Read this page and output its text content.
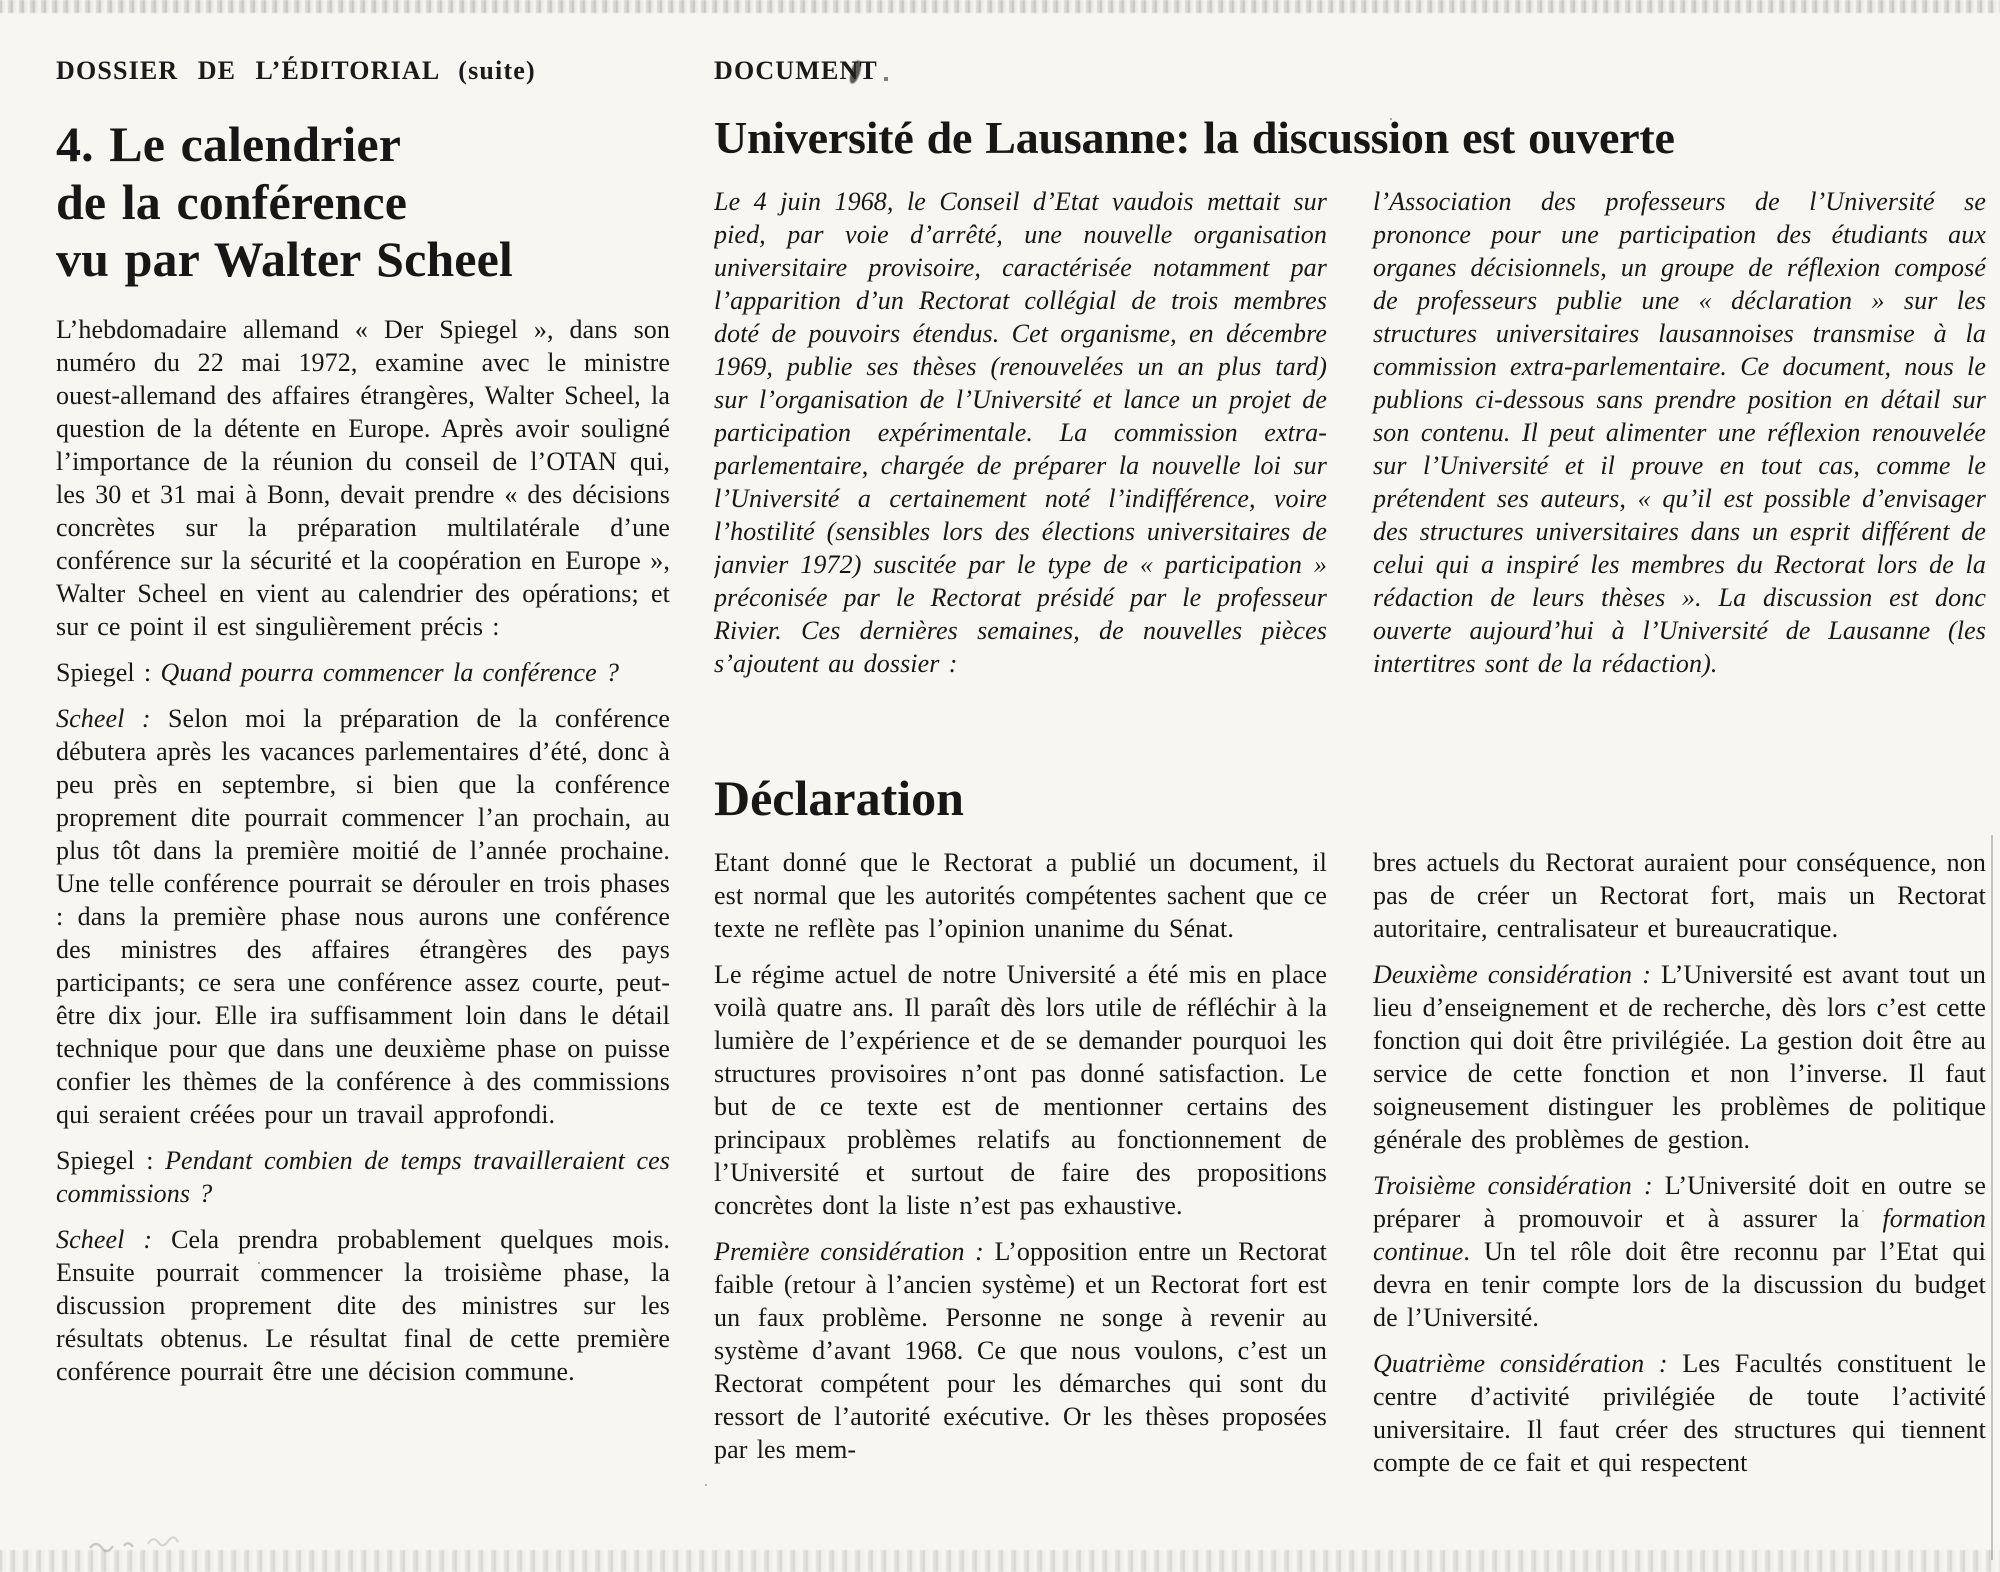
DOSSIER DE L’ÉDITORIAL (suite)
4. Le calendrier
de la conférence
vu par Walter Scheel

L’hebdomadaire allemand « Der Spiegel », dans son numéro du 22 mai 1972, examine avec le ministre ouest-allemand des affaires étrangères, Walter Scheel, la question de la détente en Europe. Après avoir souligné l’importance de la réunion du conseil de l’OTAN qui, les 30 et 31 mai à Bonn, devait prendre « des décisions concrètes sur la préparation multilatérale d’une conférence sur la sécurité et la coopération en Europe », Walter Scheel en vient au calendrier des opérations; et sur ce point il est singulièrement précis :

Spiegel : Quand pourra commencer la conférence ?

Scheel : Selon moi la préparation de la conférence débutera après les vacances parlementaires d’été, donc à peu près en septembre, si bien que la conférence proprement dite pourrait commencer l’an prochain, au plus tôt dans la première moitié de l’année prochaine. Une telle conférence pourrait se dérouler en trois phases : dans la première phase nous aurons une conférence des ministres des affaires étrangères des pays participants; ce sera une conférence assez courte, peut-être dix jour. Elle ira suffisamment loin dans le détail technique pour que dans une deuxième phase on puisse confier les thèmes de la conférence à des commissions qui seraient créées pour un travail approfondi.

Spiegel : Pendant combien de temps travailleraient ces commissions ?

Scheel : Cela prendra probablement quelques mois. Ensuite pourrait commencer la troisième phase, la discussion proprement dite des ministres sur les résultats obtenus. Le résultat final de cette première conférence pourrait être une décision commune.

DOCUMENT
Université de Lausanne: la discussion est ouverte

Le 4 juin 1968, le Conseil d’Etat vaudois mettait sur pied, par voie d’arrêté, une nouvelle organisation universitaire provisoire, caractérisée notamment par l’apparition d’un Rectorat collégial de trois membres doté de pouvoirs étendus. Cet organisme, en décembre 1969, publie ses thèses (renouvelées un an plus tard) sur l’organisation de l’Université et lance un projet de participation expérimentale. La commission extra-parlementaire, chargée de préparer la nouvelle loi sur l’Université a certainement noté l’indifférence, voire l’hostilité (sensibles lors des élections universitaires de janvier 1972) suscitée par le type de « participation » préconisée par le Rectorat présidé par le professeur Rivier. Ces dernières semaines, de nouvelles pièces s’ajoutent au dossier :

l’Association des professeurs de l’Université se prononce pour une participation des étudiants aux organes décisionnels, un groupe de réflexion composé de professeurs publie une « déclaration » sur les structures universitaires lausannoises transmise à la commission extra-parlementaire. Ce document, nous le publions ci-dessous sans prendre position en détail sur son contenu. Il peut alimenter une réflexion renouvelée sur l’Université et il prouve en tout cas, comme le prétendent ses auteurs, « qu’il est possible d’envisager des structures universitaires dans un esprit différent de celui qui a inspiré les membres du Rectorat lors de la rédaction de leurs thèses ». La discussion est donc ouverte aujourd’hui à l’Université de Lausanne (les intertitres sont de la rédaction).

Déclaration

Etant donné que le Rectorat a publié un document, il est normal que les autorités compétentes sachent que ce texte ne reflète pas l’opinion unanime du Sénat.

Le régime actuel de notre Université a été mis en place voilà quatre ans. Il paraît dès lors utile de réfléchir à la lumière de l’expérience et de se demander pourquoi les structures provisoires n’ont pas donné satisfaction. Le but de ce texte est de mentionner certains des principaux problèmes relatifs au fonctionnement de l’Université et surtout de faire des propositions concrètes dont la liste n’est pas exhaustive.

Première considération : L’opposition entre un Rectorat faible (retour à l’ancien système) et un Rectorat fort est un faux problème. Personne ne songe à revenir au système d’avant 1968. Ce que nous voulons, c’est un Rectorat compétent pour les démarches qui sont du ressort de l’autorité exécutive. Or les thèses proposées par les mem-

bres actuels du Rectorat auraient pour conséquence, non pas de créer un Rectorat fort, mais un Rectorat autoritaire, centralisateur et bureaucratique.

Deuxième considération : L’Université est avant tout un lieu d’enseignement et de recherche, dès lors c’est cette fonction qui doit être privilégiée. La gestion doit être au service de cette fonction et non l’inverse. Il faut soigneusement distinguer les problèmes de politique générale des problèmes de gestion.

Troisième considération : L’Université doit en outre se préparer à promouvoir et à assurer la formation continue. Un tel rôle doit être reconnu par l’Etat qui devra en tenir compte lors de la discussion du budget de l’Université.

Quatrième considération : Les Facultés constituent le centre d’activité privilégiée de toute l’activité universitaire. Il faut créer des structures qui tiennent compte de ce fait et qui respectent
